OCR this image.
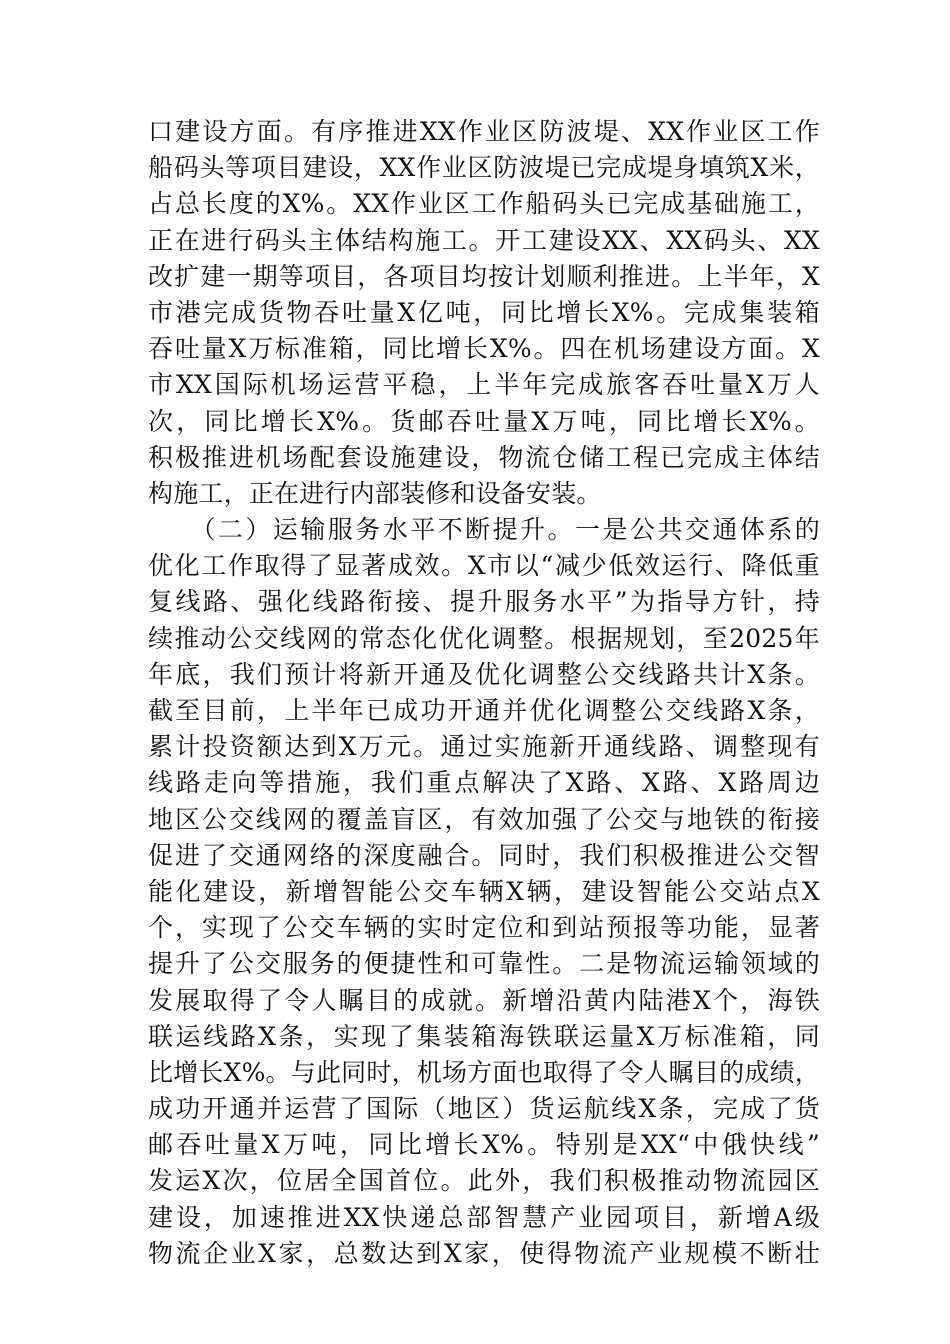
口建设方面。有序推进XX作业区防波堤、XX作业区工作
船码头等项目建设，XX作业区防波堤已完成堤身填筑X米，
占总长度的X%。XX作业区工作船码头已完成基础施工，
正在进行码头主体结构施工。开工建设XX、XX码头、XX
改扩建一期等项目，各项目均按计划顺利推进。上半年，X
市港完成货物吞吐量X亿吨，同比增长X%。完成集装箱
吞吐量X万标准箱，同比增长X%。四在机场建设方面。X
市XX国际机场运营平稳，上半年完成旅客吞吐量X万人
次，同比增长X%。货邮吞吐量X万吨，同比增长X%。
积极推进机场配套设施建设，物流仓储工程已完成主体结
构施工，正在进行内部装修和设备安装。
　　（二）运输服务水平不断提升。一是公共交通体系的
优化工作取得了显著成效。X市以“减少低效运行、降低重
复线路、强化线路衔接、提升服务水平”为指导方针，持
续推动公交线网的常态化优化调整。根据规划，至2025年
年底，我们预计将新开通及优化调整公交线路共计X条。
截至目前，上半年已成功开通并优化调整公交线路X条，
累计投资额达到X万元。通过实施新开通线路、调整现有
线路走向等措施，我们重点解决了X路、X路、X路周边
地区公交线网的覆盖盲区，有效加强了公交与地铁的衔接
促进了交通网络的深度融合。同时，我们积极推进公交智
能化建设，新增智能公交车辆X辆，建设智能公交站点X
个，实现了公交车辆的实时定位和到站预报等功能，显著
提升了公交服务的便捷性和可靠性。二是物流运输领域的
发展取得了令人瞩目的成就。新增沿黄内陆港X个，海铁
联运线路X条，实现了集装箱海铁联运量X万标准箱，同
比增长X%。与此同时，机场方面也取得了令人瞩目的成绩，
成功开通并运营了国际（地区）货运航线X条，完成了货
邮吞吐量X万吨，同比增长X%。特别是XX“中俄快线”
发运X次，位居全国首位。此外，我们积极推动物流园区
建设，加速推进XX快递总部智慧产业园项目，新增A级
物流企业X家，总数达到X家，使得物流产业规模不断壮
